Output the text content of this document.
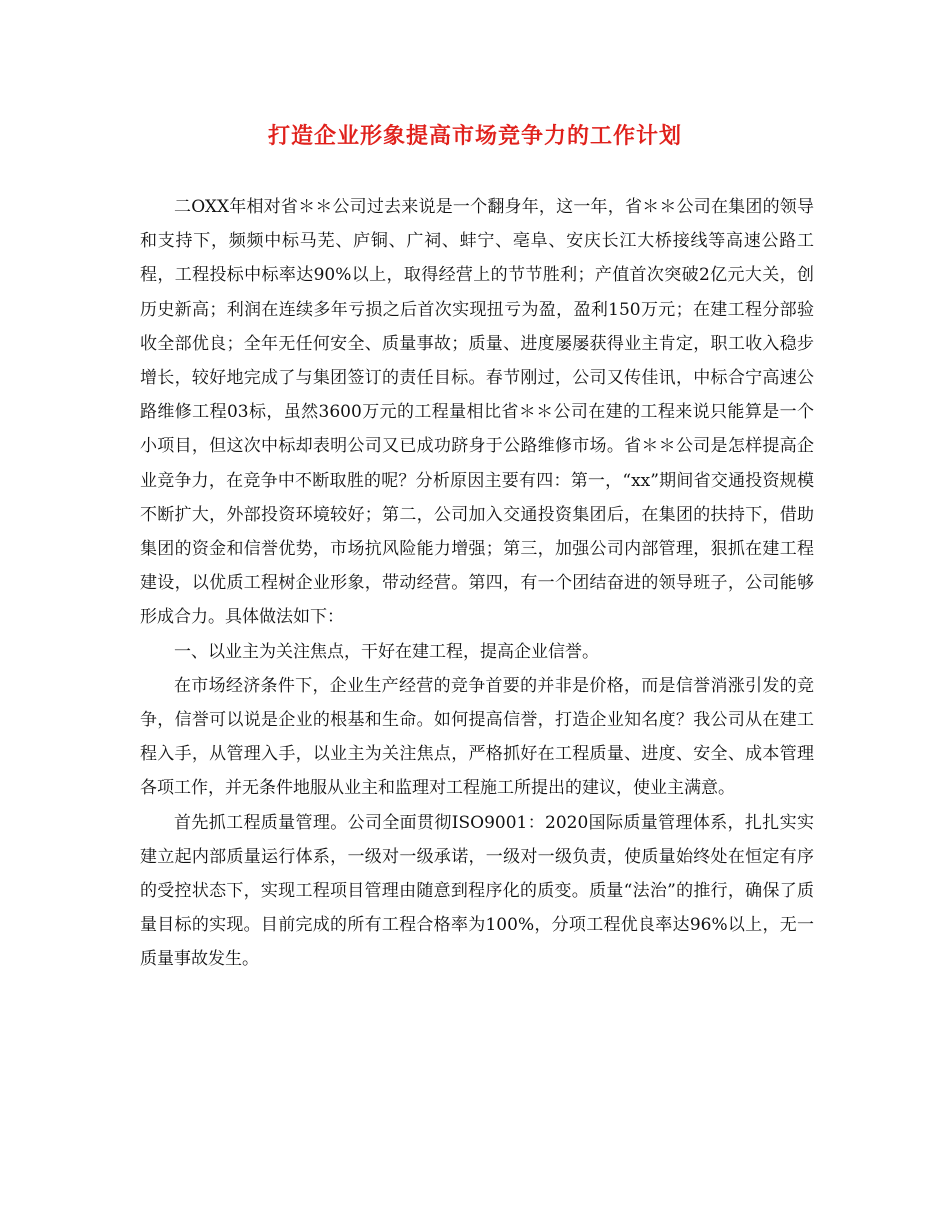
打造企业形象提高市场竞争力的工作计划

二OXX年相对省＊＊公司过去来说是一个翻身年，这一年，省＊＊公司在集团的领导和支持下，频频中标马芜、庐铜、广祠、蚌宁、亳阜、安庆长江大桥接线等高速公路工程，工程投标中标率达90%以上，取得经营上的节节胜利；产值首次突破2亿元大关，创历史新高；利润在连续多年亏损之后首次实现扭亏为盈，盈利150万元；在建工程分部验收全部优良；全年无任何安全、质量事故；质量、进度屡屡获得业主肯定，职工收入稳步增长，较好地完成了与集团签订的责任目标。春节刚过，公司又传佳讯，中标合宁高速公路维修工程03标，虽然3600万元的工程量相比省＊＊公司在建的工程来说只能算是一个小项目，但这次中标却表明公司又已成功跻身于公路维修市场。省＊＊公司是怎样提高企业竞争力，在竞争中不断取胜的呢？分析原因主要有四：第一，“xx”期间省交通投资规模不断扩大，外部投资环境较好；第二，公司加入交通投资集团后，在集团的扶持下，借助集团的资金和信誉优势，市场抗风险能力增强；第三，加强公司内部管理，狠抓在建工程建设，以优质工程树企业形象，带动经营。第四，有一个团结奋进的领导班子，公司能够形成合力。具体做法如下：

一、以业主为关注焦点，干好在建工程，提高企业信誉。

在市场经济条件下，企业生产经营的竞争首要的并非是价格，而是信誉消涨引发的竞争，信誉可以说是企业的根基和生命。如何提高信誉，打造企业知名度？我公司从在建工程入手，从管理入手，以业主为关注焦点，严格抓好在工程质量、进度、安全、成本管理各项工作，并无条件地服从业主和监理对工程施工所提出的建议，使业主满意。

首先抓工程质量管理。公司全面贯彻ISO9001：2020国际质量管理体系，扎扎实实建立起内部质量运行体系，一级对一级承诺，一级对一级负责，使质量始终处在恒定有序的受控状态下，实现工程项目管理由随意到程序化的质变。质量“法治”的推行，确保了质量目标的实现。目前完成的所有工程合格率为100%，分项工程优良率达96%以上，无一质量事故发生。
